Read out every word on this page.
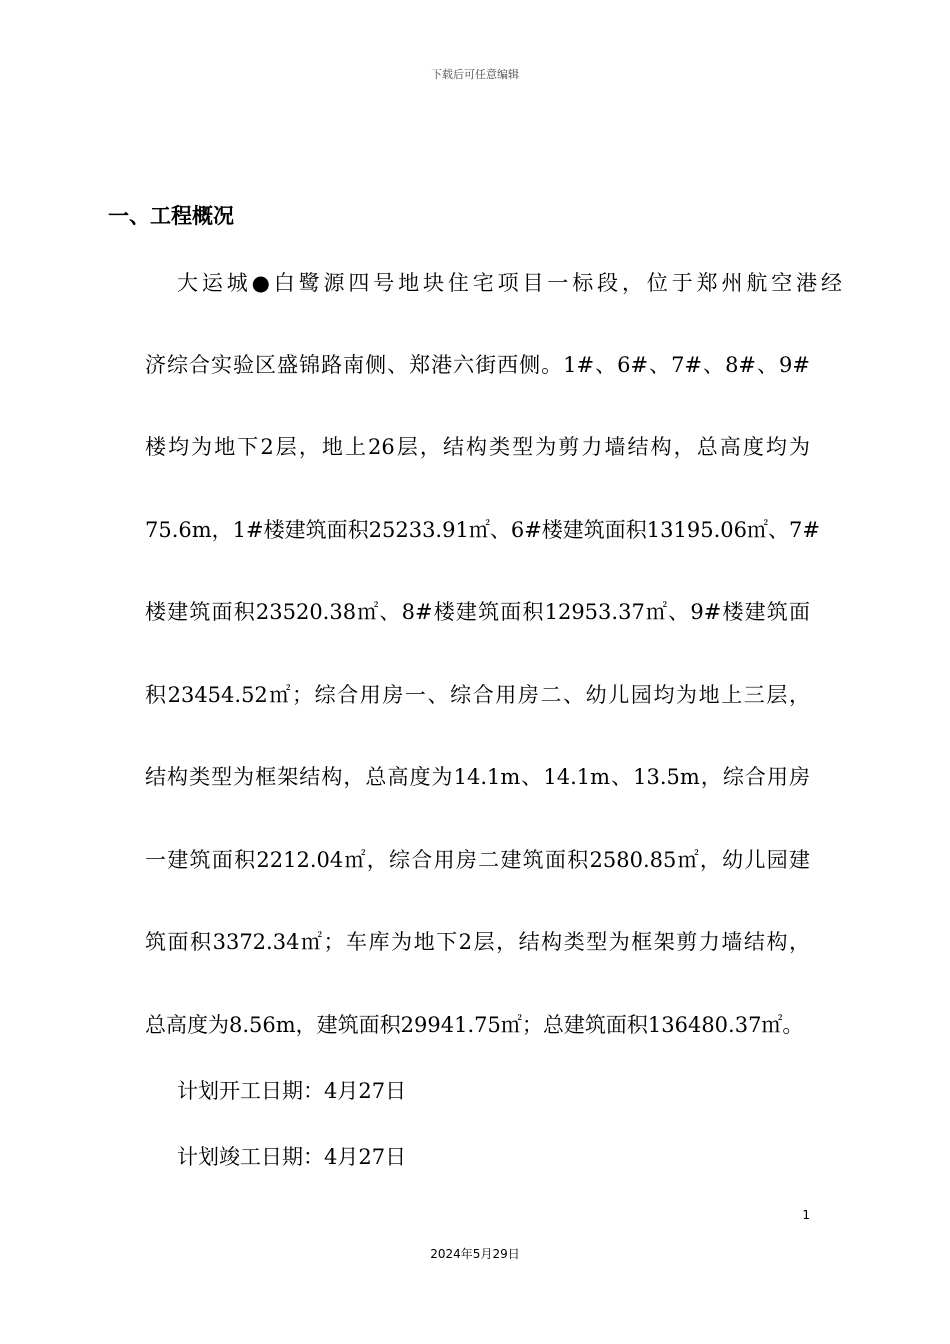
下载后可任意编辑
一、工程概况

大运城●白鹭源四号地块住宅项目一标段，位于郑州航空港经

济综合实验区盛锦路南侧、郑港六街西侧。1#、6#、7#、8#、9#

楼均为地下2层，地上26层，结构类型为剪力墙结构，总高度均为

75.6m，1#楼建筑面积25233.91㎡、6#楼建筑面积13195.06㎡、7#

楼建筑面积23520.38㎡、8#楼建筑面积12953.37㎡、9#楼建筑面

积23454.52㎡；综合用房一、综合用房二、幼儿园均为地上三层，

结构类型为框架结构，总高度为14.1m、14.1m、13.5m，综合用房

一建筑面积2212.04㎡，综合用房二建筑面积2580.85㎡，幼儿园建

筑面积3372.34㎡；车库为地下2层，结构类型为框架剪力墙结构，

总高度为8.56m，建筑面积29941.75㎡；总建筑面积136480.37㎡。

计划开工日期：4月27日

计划竣工日期：4月27日

1
2024年5月29日
